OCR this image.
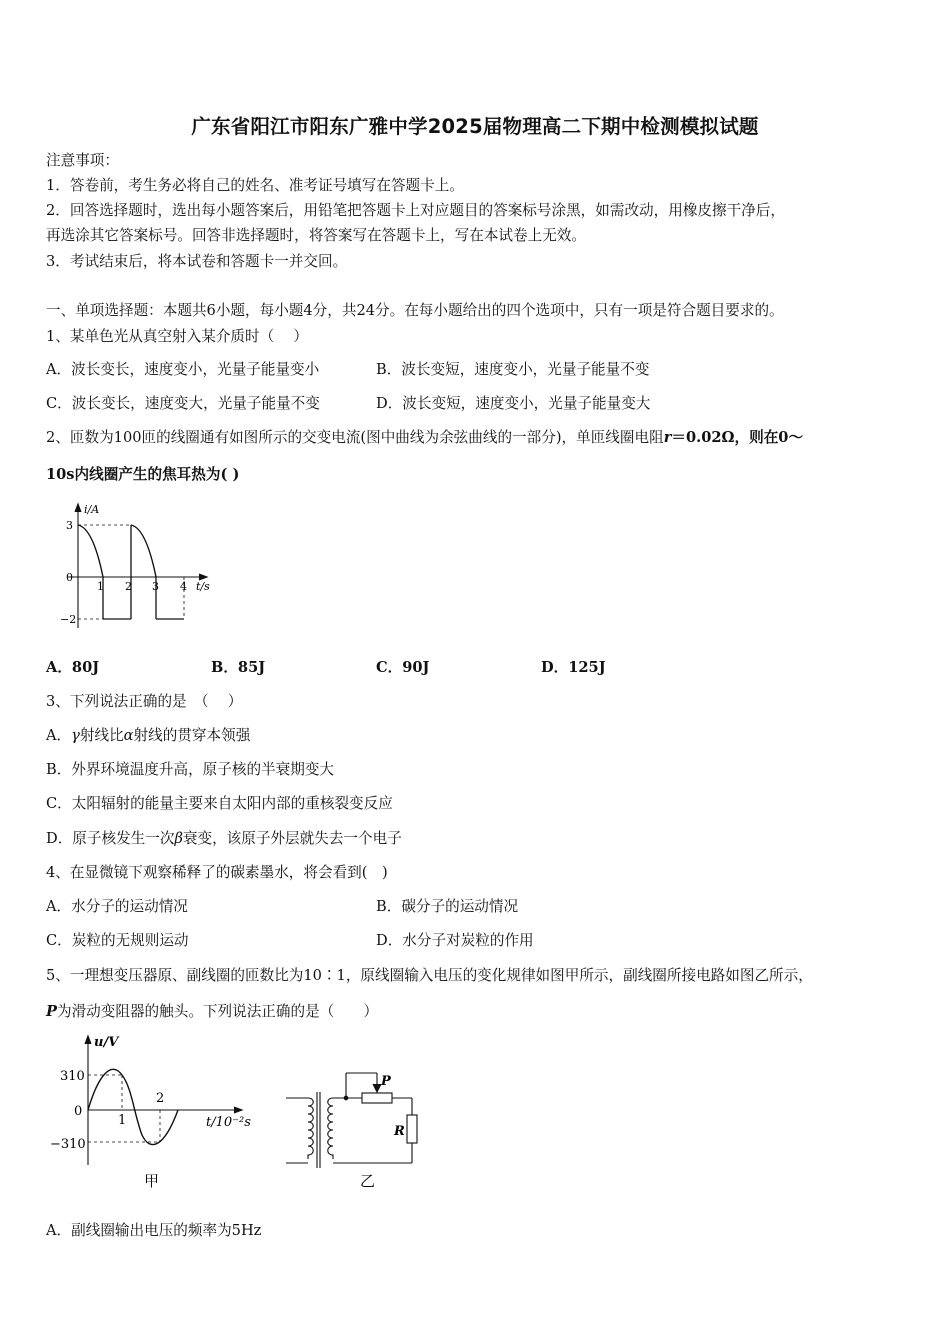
广东省阳江市阳东广雅中学2025届物理高二下期中检测模拟试题
注意事项：
1．答卷前，考生务必将自己的姓名、准考证号填写在答题卡上。
2．回答选择题时，选出每小题答案后，用铅笔把答题卡上对应题目的答案标号涂黑，如需改动，用橡皮擦干净后，
再选涂其它答案标号。回答非选择题时，将答案写在答题卡上，写在本试卷上无效。
3．考试结束后，将本试卷和答题卡一并交回。
一、单项选择题：本题共6小题，每小题4分，共24分。在每小题给出的四个选项中，只有一项是符合题目要求的。
1、某单色光从真空射入某介质时（　 ）
A．波长变长，速度变小，光量子能量变小	B．波长变短，速度变小，光量子能量不变
C．波长变长，速度变大，光量子能量不变	D．波长变短，速度变小，光量子能量变大
2、匝数为100匝的线圈通有如图所示的交变电流(图中曲线为余弦曲线的一部分)，单匝线圈电阻r＝0.02Ω，则在0～
10s内线圈产生的焦耳热为( )
i/A
t/s
3
0
−2
1 2 3 4
A．80J	B．85J	C．90J	D．125J
3、下列说法正确的是　（　 ）
A．γ射线比α射线的贯穿本领强
B．外界环境温度升高，原子核的半衰期变大
C．太阳辐射的能量主要来自太阳内部的重核裂变反应
D．原子核发生一次β衰变，该原子外层就失去一个电子
4、在显微镜下观察稀释了的碳素墨水，将会看到(　)
A．水分子的运动情况	B．碳分子的运动情况
C．炭粒的无规则运动	D．水分子对炭粒的作用
5、一理想变压器原、副线圈的匝数比为10∶1，原线圈输入电压的变化规律如图甲所示，副线圈所接电路如图乙所示，
P为滑动变阻器的触头。下列说法正确的是（　　）
u/V
t/10⁻²s
310
0
−310
1
2
甲
P
R
乙
A．副线圈输出电压的频率为5Hz
